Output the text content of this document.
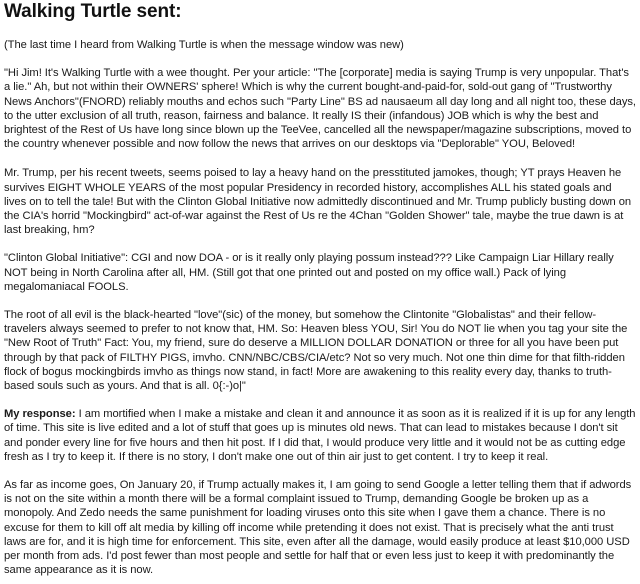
Walking Turtle sent:

(The last time I heard from Walking Turtle is when the message window was new)

"Hi Jim! It's Walking Turtle with a wee thought. Per your article: "The [corporate] media is saying Trump is very unpopular. That's a lie." Ah, but not within their OWNERS' sphere! Which is why the current bought-and-paid-for, sold-out gang of "Trustworthy News Anchors"(FNORD) reliably mouths and echos such "Party Line" BS ad nausaeum all day long and all night too, these days, to the utter exclusion of all truth, reason, fairness and balance. It really IS their (infandous) JOB which is why the best and brightest of the Rest of Us have long since blown up the TeeVee, cancelled all the newspaper/magazine subscriptions, moved to the country whenever possible and now follow the news that arrives on our desktops via "Deplorable" YOU, Beloved!

Mr. Trump, per his recent tweets, seems poised to lay a heavy hand on the presstituted jamokes, though; YT prays Heaven he survives EIGHT WHOLE YEARS of the most popular Presidency in recorded history, accomplishes ALL his stated goals and lives on to tell the tale! But with the Clinton Global Initiative now admittedly discontinued and Mr. Trump publicly busting down on the CIA's horrid "Mockingbird" act-of-war against the Rest of Us re the 4Chan "Golden Shower" tale, maybe the true dawn is at last breaking, hm?

"Clinton Global Initiative": CGI and now DOA - or is it really only playing possum instead??? Like Campaign Liar Hillary really NOT being in North Carolina after all, HM. (Still got that one printed out and posted on my office wall.) Pack of lying megalomaniacal FOOLS.

The root of all evil is the black-hearted "love"(sic) of the money, but somehow the Clintonite "Globalistas" and their fellow-travelers always seemed to prefer to not know that, HM. So: Heaven bless YOU, Sir! You do NOT lie when you tag your site the "New Root of Truth" Fact: You, my friend, sure do deserve a MILLION DOLLAR DONATION or three for all you have been put through by that pack of FILTHY PIGS, imvho. CNN/NBC/CBS/CIA/etc? Not so very much. Not one thin dime for that filth-ridden flock of bogus mockingbirds imvho as things now stand, in fact! More are awakening to this reality every day, thanks to truth-based souls such as yours. And that is all. 0{:-)o|"

My response: I am mortified when I make a mistake and clean it and announce it as soon as it is realized if it is up for any length of time. This site is live edited and a lot of stuff that goes up is minutes old news. That can lead to mistakes because I don't sit and ponder every line for five hours and then hit post. If I did that, I would produce very little and it would not be as cutting edge fresh as I try to keep it. If there is no story, I don't make one out of thin air just to get content. I try to keep it real.

As far as income goes, On January 20, if Trump actually makes it, I am going to send Google a letter telling them that if adwords is not on the site within a month there will be a formal complaint issued to Trump, demanding Google be broken up as a monopoly. And Zedo needs the same punishment for loading viruses onto this site when I gave them a chance. There is no excuse for them to kill off alt media by killing off income while pretending it does not exist. That is precisely what the anti trust laws are for, and it is high time for enforcement. This site, even after all the damage, would easily produce at least $10,000 USD per month from ads. I'd post fewer than most people and settle for half that or even less just to keep it with predominantly the same appearance as it is now.
